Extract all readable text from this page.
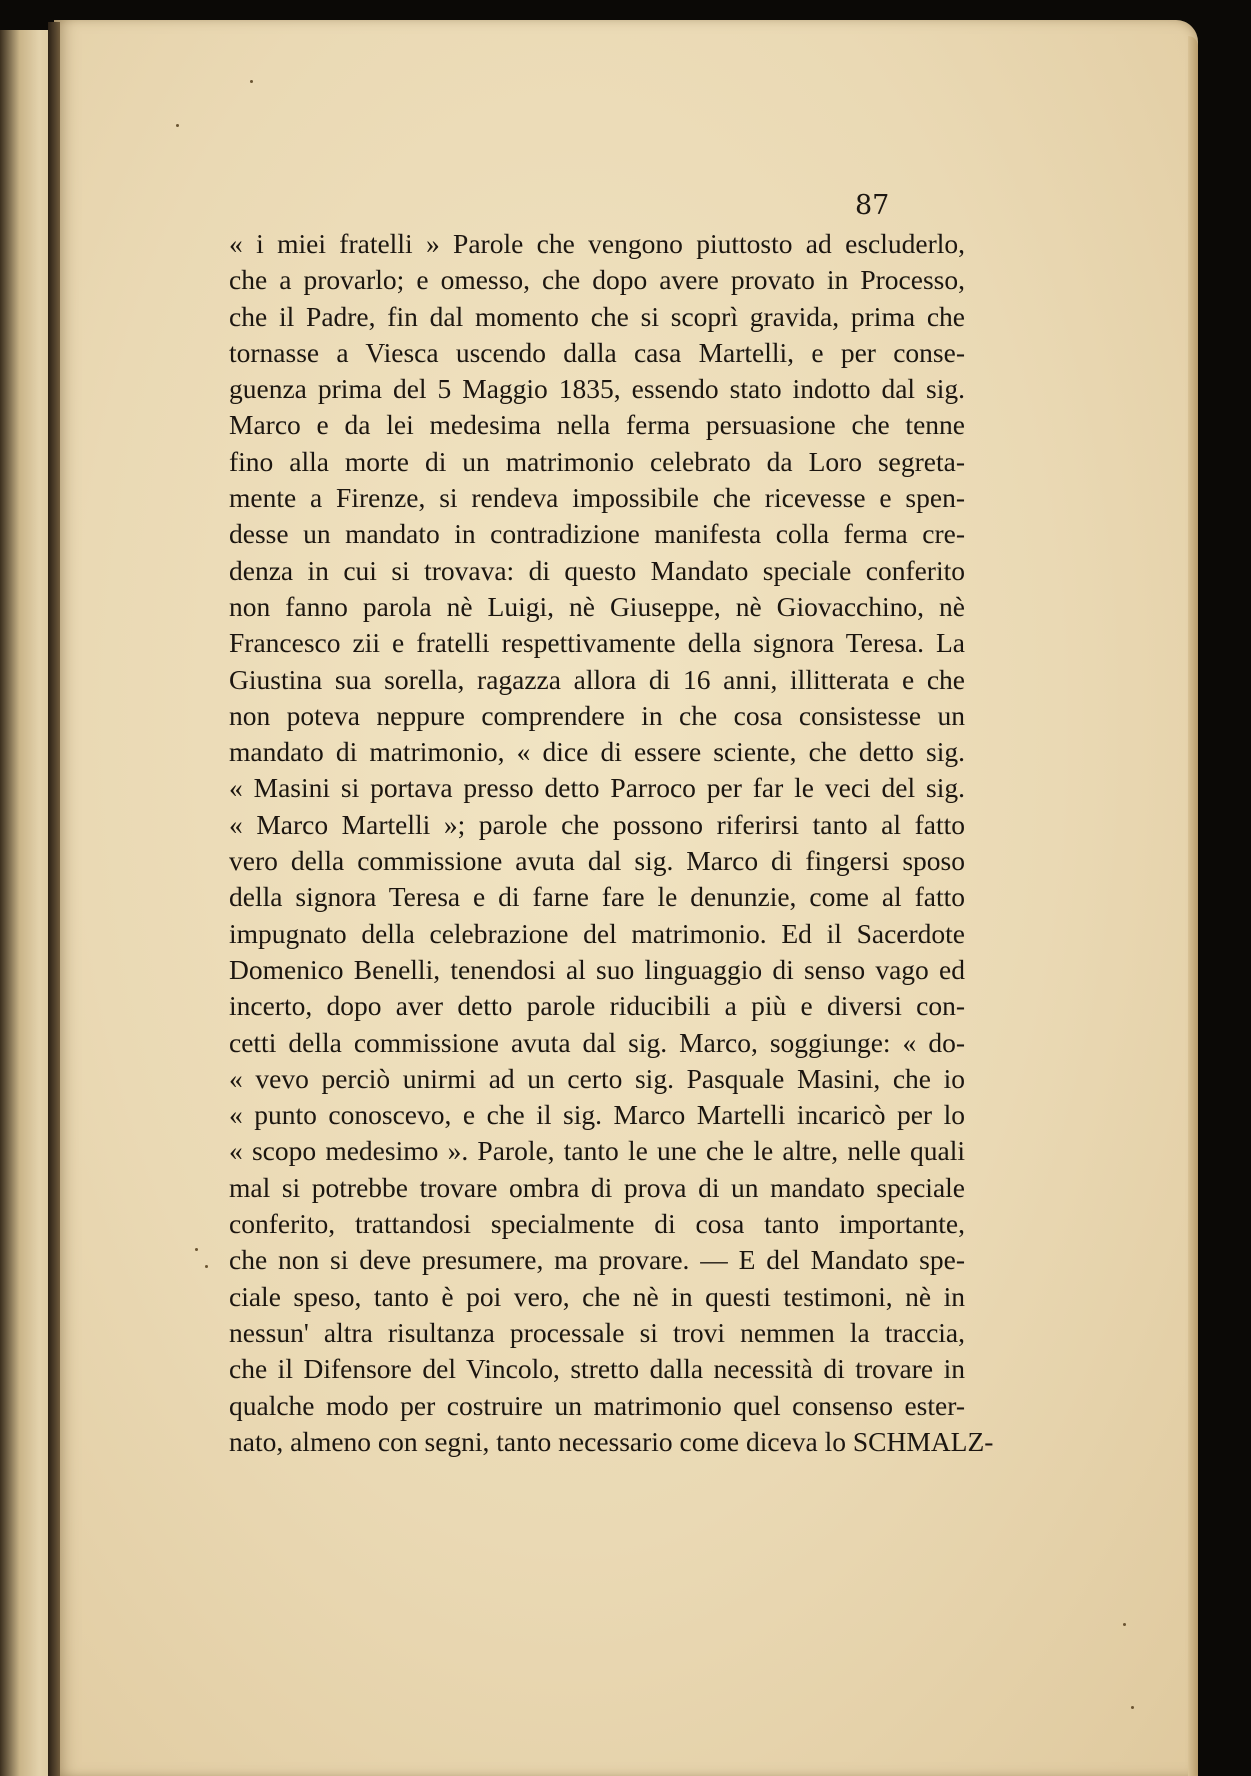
87
« i miei fratelli » Parole che vengono piuttosto ad escluderlo,
che a provarlo; e omesso, che dopo avere provato in Processo,
che il Padre, fin dal momento che si scoprì gravida, prima che
tornasse a Viesca uscendo dalla casa Martelli, e per conse-
guenza prima del 5 Maggio 1835, essendo stato indotto dal sig.
Marco e da lei medesima nella ferma persuasione che tenne
fino alla morte di un matrimonio celebrato da Loro segreta-
mente a Firenze, si rendeva impossibile che ricevesse e spen-
desse un mandato in contradizione manifesta colla ferma cre-
denza in cui si trovava: di questo Mandato speciale conferito
non fanno parola nè Luigi, nè Giuseppe, nè Giovacchino, nè
Francesco zii e fratelli respettivamente della signora Teresa. La
Giustina sua sorella, ragazza allora di 16 anni, illitterata e che
non poteva neppure comprendere in che cosa consistesse un
mandato di matrimonio, « dice di essere sciente, che detto sig.
« Masini si portava presso detto Parroco per far le veci del sig.
« Marco Martelli »; parole che possono riferirsi tanto al fatto
vero della commissione avuta dal sig. Marco di fingersi sposo
della signora Teresa e di farne fare le denunzie, come al fatto
impugnato della celebrazione del matrimonio. Ed il Sacerdote
Domenico Benelli, tenendosi al suo linguaggio di senso vago ed
incerto, dopo aver detto parole riducibili a più e diversi con-
cetti della commissione avuta dal sig. Marco, soggiunge: « do-
« vevo perciò unirmi ad un certo sig. Pasquale Masini, che io
« punto conoscevo, e che il sig. Marco Martelli incaricò per lo
« scopo medesimo ». Parole, tanto le une che le altre, nelle quali
mal si potrebbe trovare ombra di prova di un mandato speciale
conferito, trattandosi specialmente di cosa tanto importante,
che non si deve presumere, ma provare. — E del Mandato spe-
ciale speso, tanto è poi vero, che nè in questi testimoni, nè in
nessun' altra risultanza processale si trovi nemmen la traccia,
che il Difensore del Vincolo, stretto dalla necessità di trovare in
qualche modo per costruire un matrimonio quel consenso ester-
nato, almeno con segni, tanto necessario come diceva lo SCHMALZ-
